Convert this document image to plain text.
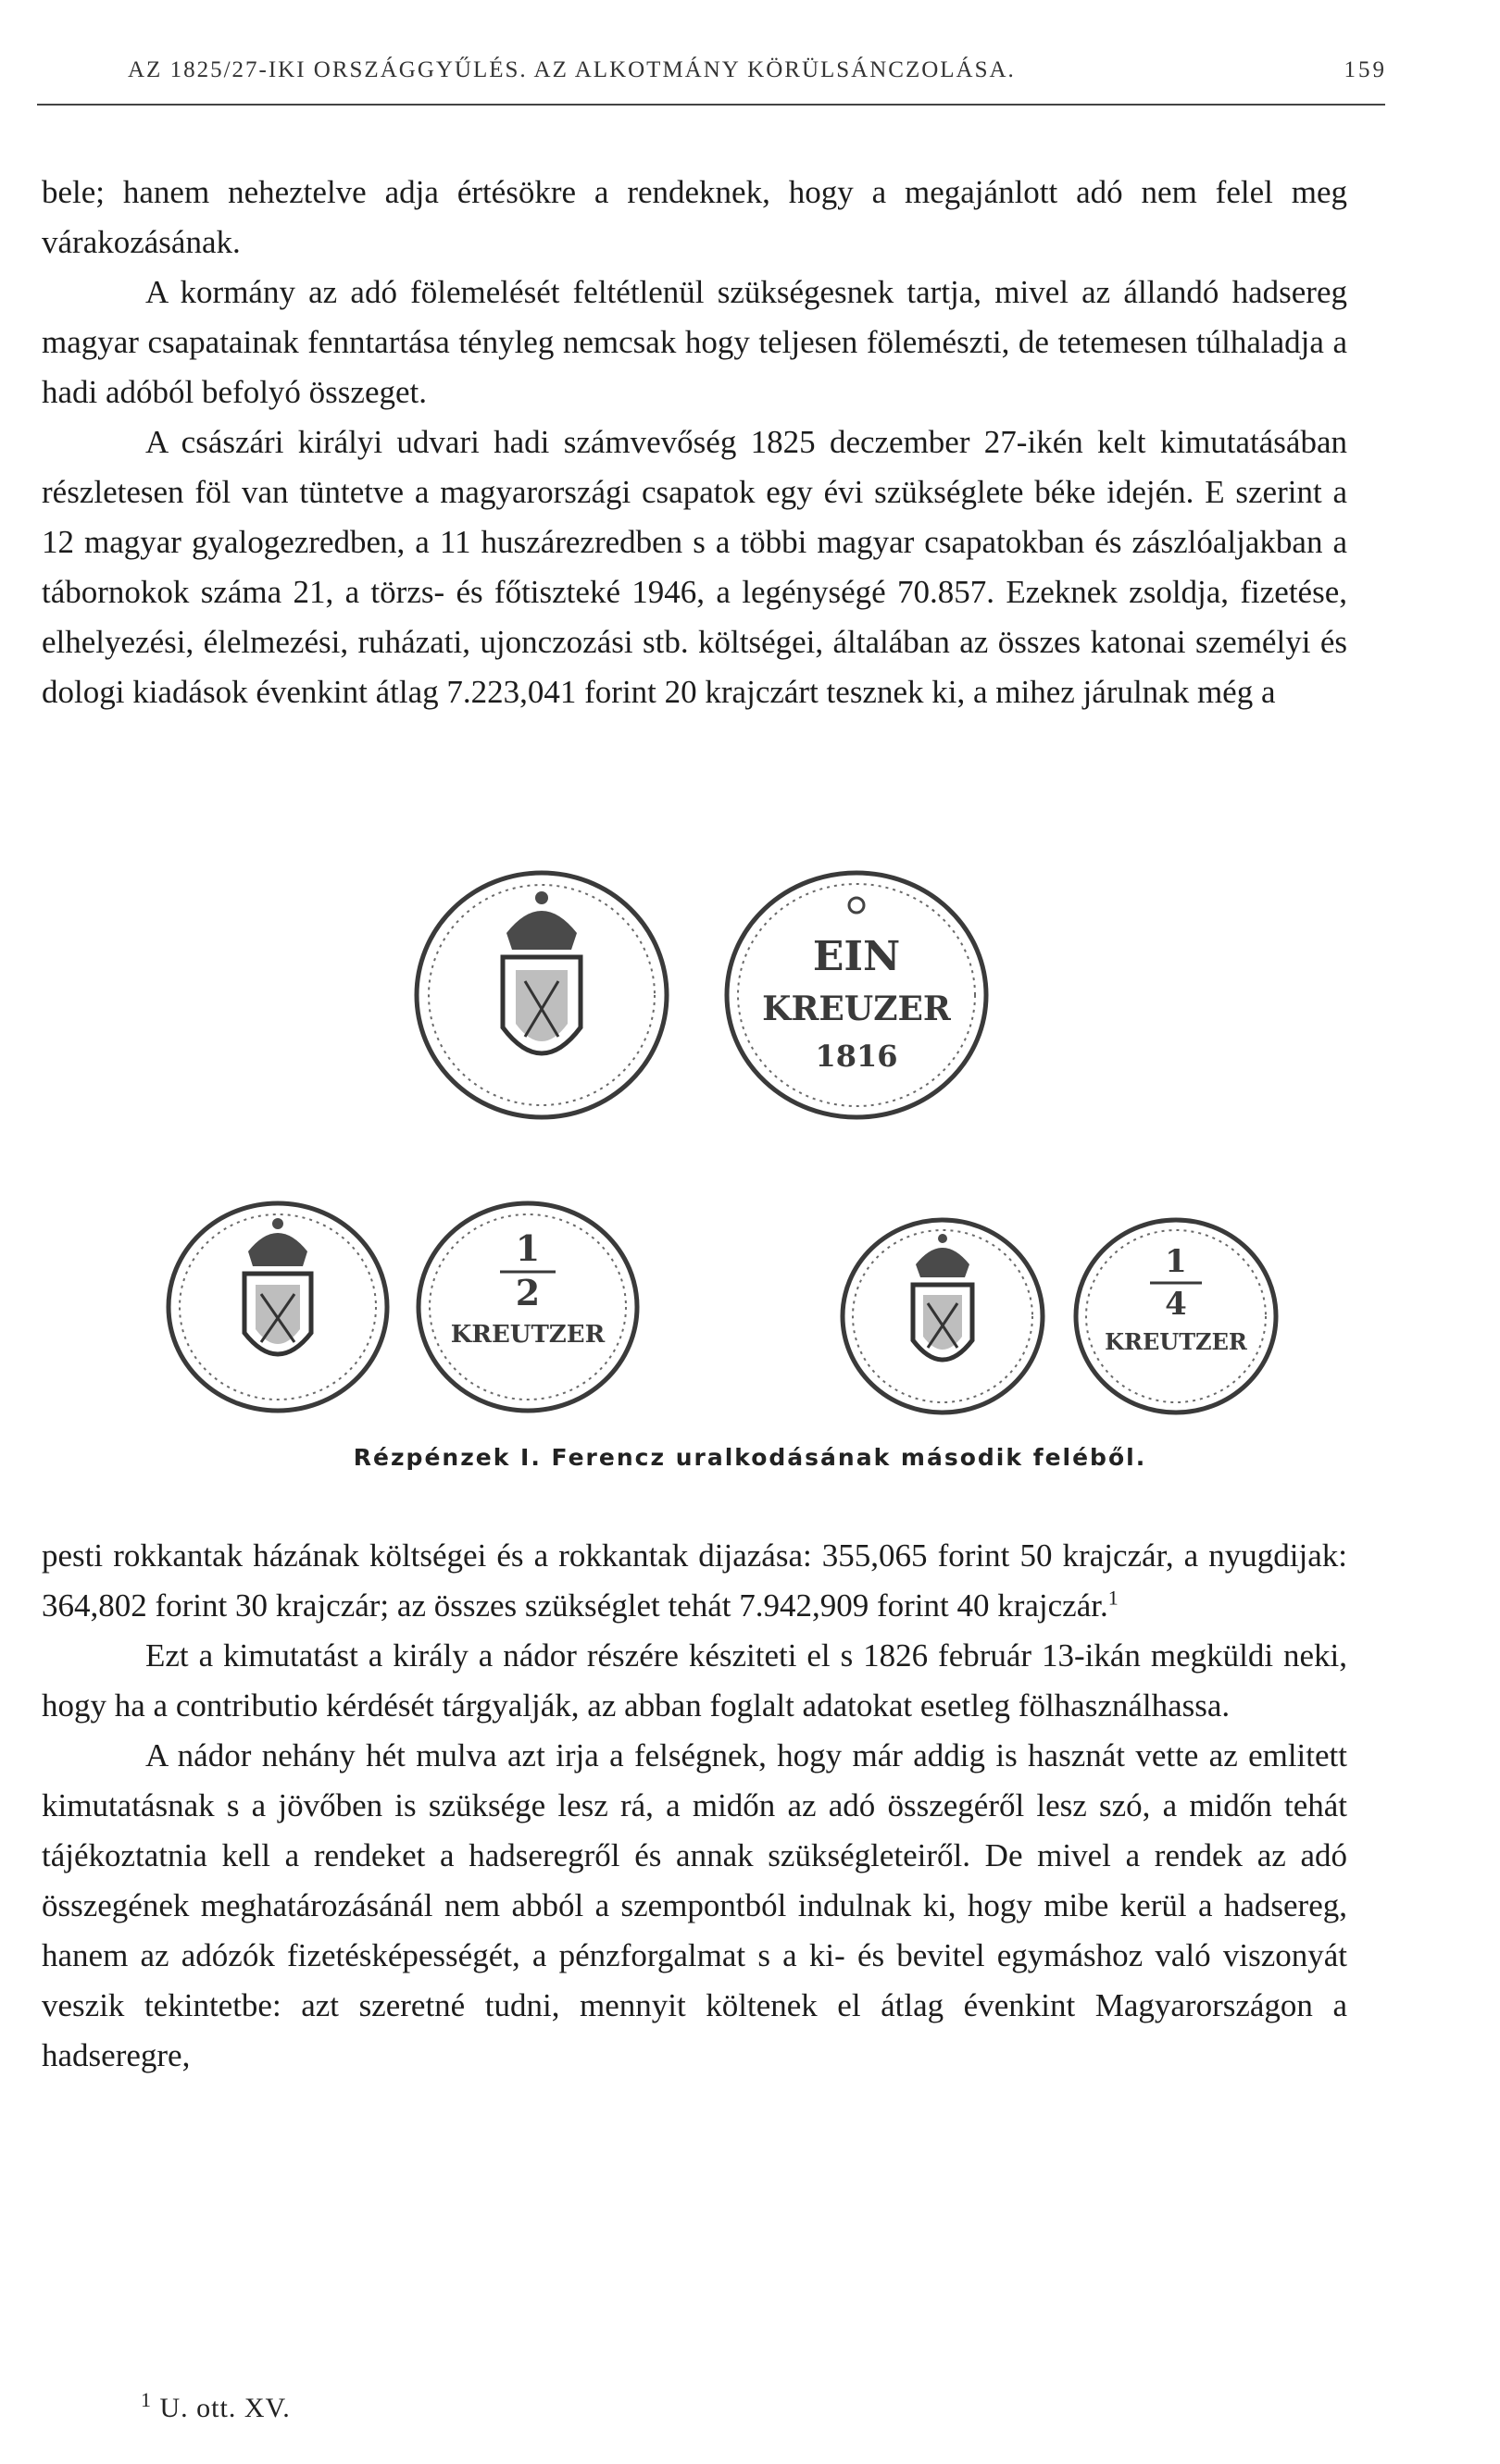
AZ 1825/27-IKI ORSZÁGGYŰLÉS. AZ ALKOTMÁNY KÖRÜLSÁNCZOLÁSA.	159

bele; hanem neheztelve adja értésökre a rendeknek, hogy a megajánlott adó nem felel meg várakozásának.

A kormány az adó fölemelését feltétlenül szükségesnek tartja, mivel az állandó hadsereg magyar csapatainak fenntartása tényleg nemcsak hogy teljesen fölemészti, de tetemesen túlhaladja a hadi adóból befolyó összeget.

A császári királyi udvari hadi számvevőség 1825 deczember 27-ikén kelt kimutatásában részletesen föl van tüntetve a magyarországi csapatok egy évi szükséglete béke idején. E szerint a 12 magyar gyalogezredben, a 11 huszárezredben s a többi magyar csapatokban és zászlóaljakban a tábornokok száma 21, a törzs- és főtiszteké 1946, a legénységé 70.857. Ezeknek zsoldja, fizetése, elhelyezési, élelmezési, ruházati, ujonczozási stb. költségei, általában az összes katonai személyi és dologi kiadások évenkint átlag 7.223,041 forint 20 krajczárt tesznek ki, a mihez járulnak még a

EIN
KREUZER
1816
1
2
KREUTZER
1
4
KREUTZER
Rézpénzek I. Ferencz uralkodásának második feléből.

pesti rokkantak házának költségei és a rokkantak dijazása: 355,065 forint 50 krajczár, a nyugdijak: 364,802 forint 30 krajczár; az összes szükséglet tehát 7.942,909 forint 40 krajczár.$^1$

Ezt a kimutatást a király a nádor részére késziteti el s 1826 február 13-ikán megküldi neki, hogy ha a contributio kérdését tárgyalják, az abban foglalt adatokat esetleg fölhasználhassa.

A nádor nehány hét mulva azt irja a felségnek, hogy már addig is hasznát vette az emlitett kimutatásnak s a jövőben is szüksége lesz rá, a midőn az adó összegéről lesz szó, a midőn tehát tájékoztatnia kell a rendeket a hadseregről és annak szükségleteiről. De mivel a rendek az adó összegének meghatározásánál nem abból a szempontból indulnak ki, hogy mibe kerül a hadsereg, hanem az adózók fizetésképességét, a pénzforgalmat s a ki- és bevitel egymáshoz való viszonyát veszik tekintetbe: azt szeretné tudni, mennyit költenek el átlag évenkint Magyarországon a hadseregre,

$^1$ U. ott. XV.
